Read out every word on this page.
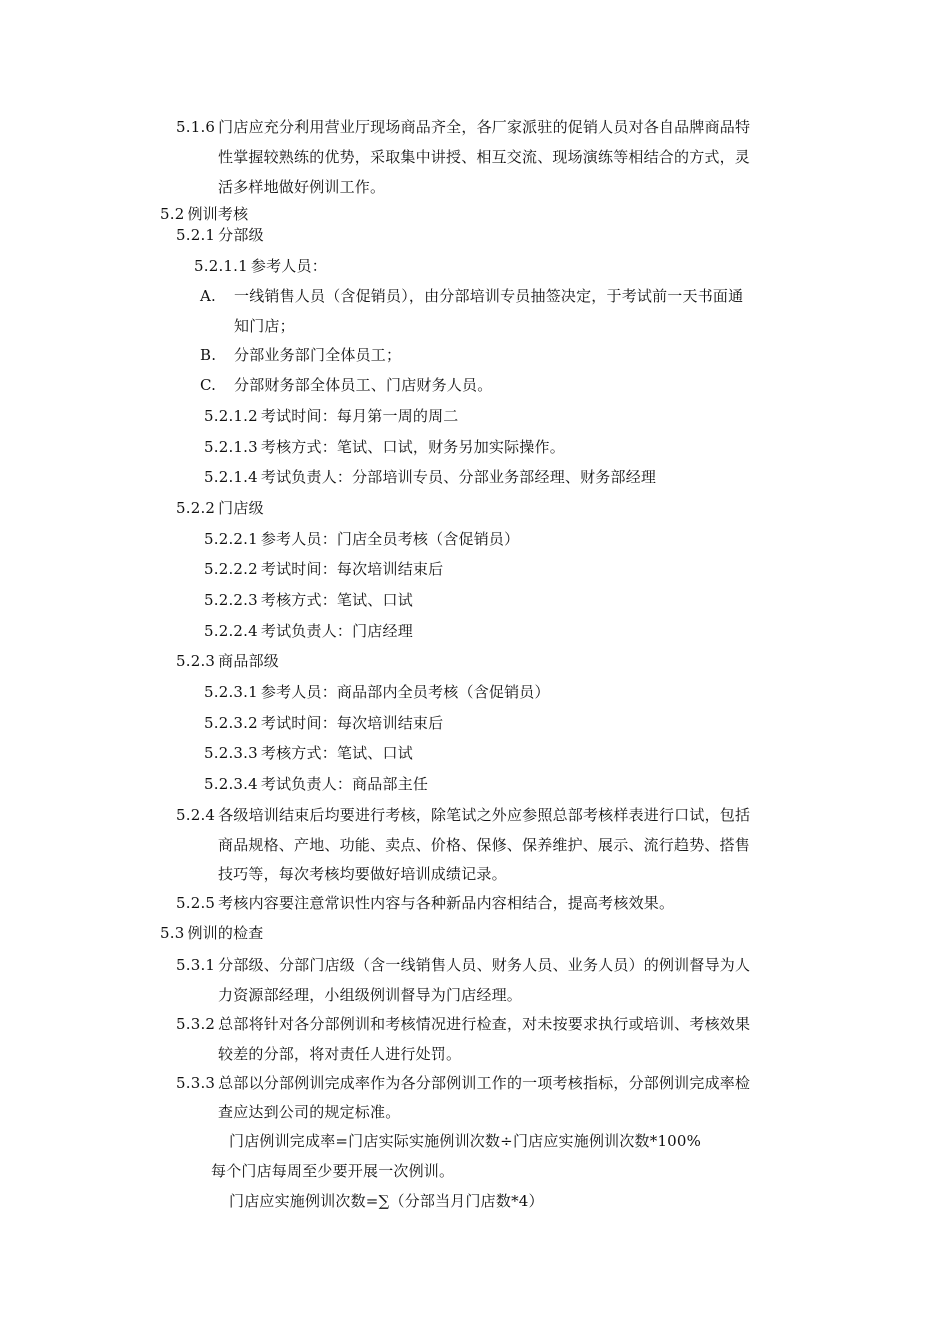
5.1.6 门店应充分利用营业厅现场商品齐全，各厂家派驻的促销人员对各自品牌商品特
性掌握较熟练的优势，采取集中讲授、相互交流、现场演练等相结合的方式，灵
活多样地做好例训工作。
5.2 例训考核
5.2.1 分部级
5.2.1.1 参考人员：
A. 一线销售人员（含促销员），由分部培训专员抽签决定，于考试前一天书面通
知门店；
B. 分部业务部门全体员工；
C. 分部财务部全体员工、门店财务人员。
5.2.1.2 考试时间：每月第一周的周二
5.2.1.3 考核方式：笔试、口试，财务另加实际操作。
5.2.1.4 考试负责人：分部培训专员、分部业务部经理、财务部经理
5.2.2 门店级
5.2.2.1 参考人员：门店全员考核（含促销员）
5.2.2.2 考试时间：每次培训结束后
5.2.2.3 考核方式：笔试、口试
5.2.2.4 考试负责人：门店经理
5.2.3 商品部级
5.2.3.1 参考人员：商品部内全员考核（含促销员）
5.2.3.2 考试时间：每次培训结束后
5.2.3.3 考核方式：笔试、口试
5.2.3.4 考试负责人：商品部主任
5.2.4 各级培训结束后均要进行考核，除笔试之外应参照总部考核样表进行口试，包括
商品规格、产地、功能、卖点、价格、保修、保养维护、展示、流行趋势、搭售
技巧等，每次考核均要做好培训成绩记录。
5.2.5 考核内容要注意常识性内容与各种新品内容相结合，提高考核效果。
5.3 例训的检查
5.3.1 分部级、分部门店级（含一线销售人员、财务人员、业务人员）的例训督导为人
力资源部经理，小组级例训督导为门店经理。
5.3.2 总部将针对各分部例训和考核情况进行检查，对未按要求执行或培训、考核效果
较差的分部，将对责任人进行处罚。
5.3.3 总部以分部例训完成率作为各分部例训工作的一项考核指标，分部例训完成率检
查应达到公司的规定标准。
门店例训完成率=门店实际实施例训次数÷门店应实施例训次数*100%
每个门店每周至少要开展一次例训。
门店应实施例训次数=∑（分部当月门店数*4）
